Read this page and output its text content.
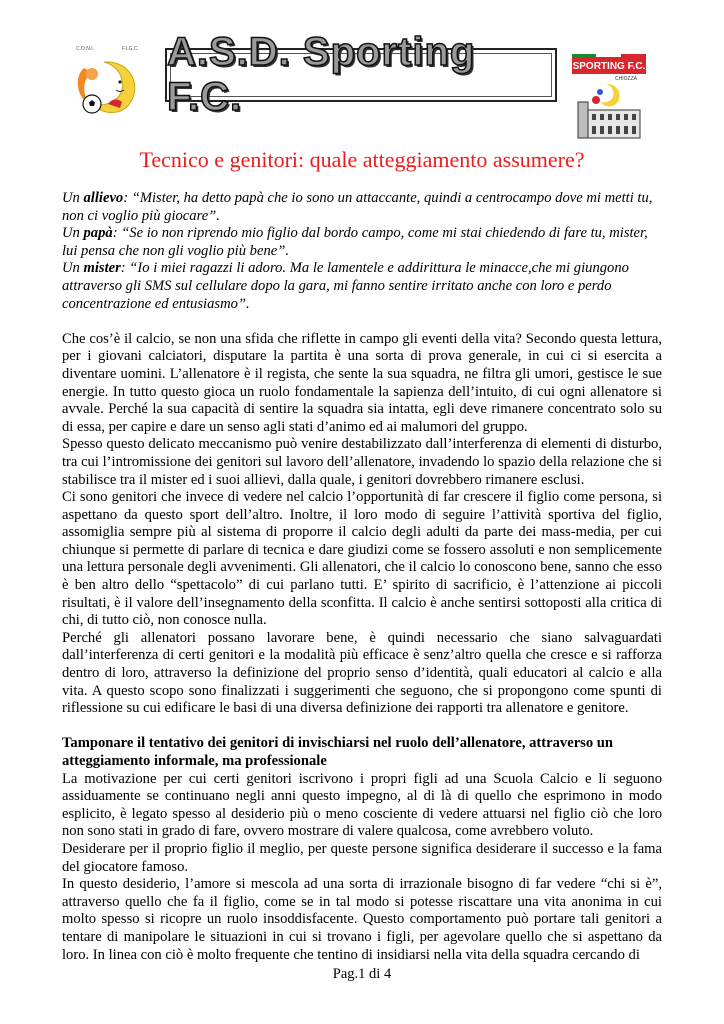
C.O.N.I.	F.I.G.C. A.S.D. Sporting F.C.
SPORTING F.C.
CHIOZZA
Tecnico e genitori: quale atteggiamento assumere?

Un allievo: “Mister, ha detto papà che io sono un attaccante, quindi a centrocampo dove mi metti tu, non ci voglio più giocare”.

Un papà: “Se io non riprendo mio figlio dal bordo campo, come mi stai chiedendo di fare tu, mister, lui pensa che non gli voglio più bene”.

Un mister: “Io i miei ragazzi li adoro. Ma le lamentele e addirittura le minacce,che mi giungono attraverso gli SMS sul cellulare dopo la gara, mi fanno sentire irritato anche con loro e perdo concentrazione ed entusiasmo”.

Che cos’è il calcio, se non una sfida che riflette in campo gli eventi della vita? Secondo questa lettura, per i giovani calciatori, disputare la partita è una sorta di prova generale, in cui ci si esercita a diventare uomini. L’allenatore è il regista, che sente la sua squadra, ne filtra gli umori, gestisce le sue energie. In tutto questo gioca un ruolo fondamentale la sapienza dell’intuito, di cui ogni allenatore si avvale. Perché la sua capacità di sentire la squadra sia intatta, egli deve rimanere concentrato solo su di essa, per capire e dare un senso agli stati d’animo ed ai malumori del gruppo.

Spesso questo delicato meccanismo può venire destabilizzato dall’interferenza di elementi di disturbo, tra cui l’intromissione dei genitori sul lavoro dell’allenatore, invadendo lo spazio della relazione che si stabilisce tra il mister ed i suoi allievi, dalla quale, i genitori dovrebbero rimanere esclusi.

Ci sono genitori che invece di vedere nel calcio l’opportunità di far crescere il figlio come persona, si aspettano da questo sport dell’altro. Inoltre, il loro modo di seguire l’attività sportiva del figlio, assomiglia sempre più al sistema di proporre il calcio degli adulti da parte dei mass-media, per cui chiunque si permette di parlare di tecnica e dare giudizi come se fossero assoluti e non semplicemente una lettura personale degli avvenimenti. Gli allenatori, che il calcio lo conoscono bene, sanno che esso è ben altro dello “spettacolo” di cui parlano tutti. E’ spirito di sacrificio, è l’attenzione ai piccoli risultati, è il valore dell’insegnamento della sconfitta. Il calcio è anche sentirsi sottoposti alla critica di chi, di tutto ciò, non conosce nulla.

Perché gli allenatori possano lavorare bene, è quindi necessario che siano salvaguardati dall’interferenza di certi genitori e la modalità più efficace è senz’altro quella che cresce e si rafforza dentro di loro, attraverso la definizione del proprio senso d’identità, quali educatori al calcio e alla vita. A questo scopo sono finalizzati i suggerimenti che seguono, che si propongono come spunti di riflessione su cui edificare le basi di una diversa definizione dei rapporti tra allenatore e genitore.

Tamponare il tentativo dei genitori di invischiarsi nel ruolo dell’allenatore, attraverso un atteggiamento informale, ma professionale

La motivazione per cui certi genitori iscrivono i propri figli ad una Scuola Calcio e li seguono assiduamente se continuano negli anni questo impegno, al di là di quello che esprimono in modo esplicito, è legato spesso al desiderio più o meno cosciente di vedere attuarsi nel figlio ciò che loro non sono stati in grado di fare, ovvero mostrare di valere qualcosa, come avrebbero voluto.

Desiderare per il proprio figlio il meglio, per queste persone significa desiderare il successo e la fama del giocatore famoso.

In questo desiderio, l’amore si mescola ad una sorta di irrazionale bisogno di far vedere “chi si è”, attraverso quello che fa il figlio, come se in tal modo si potesse riscattare una vita anonima in cui molto spesso si ricopre un ruolo insoddisfacente. Questo comportamento può portare tali genitori a tentare di manipolare le situazioni in cui si trovano i figli, per agevolare quello che si aspettano da loro. In linea con ciò è molto frequente che tentino di insidiarsi nella vita della squadra cercando di

Pag.1 di 4
